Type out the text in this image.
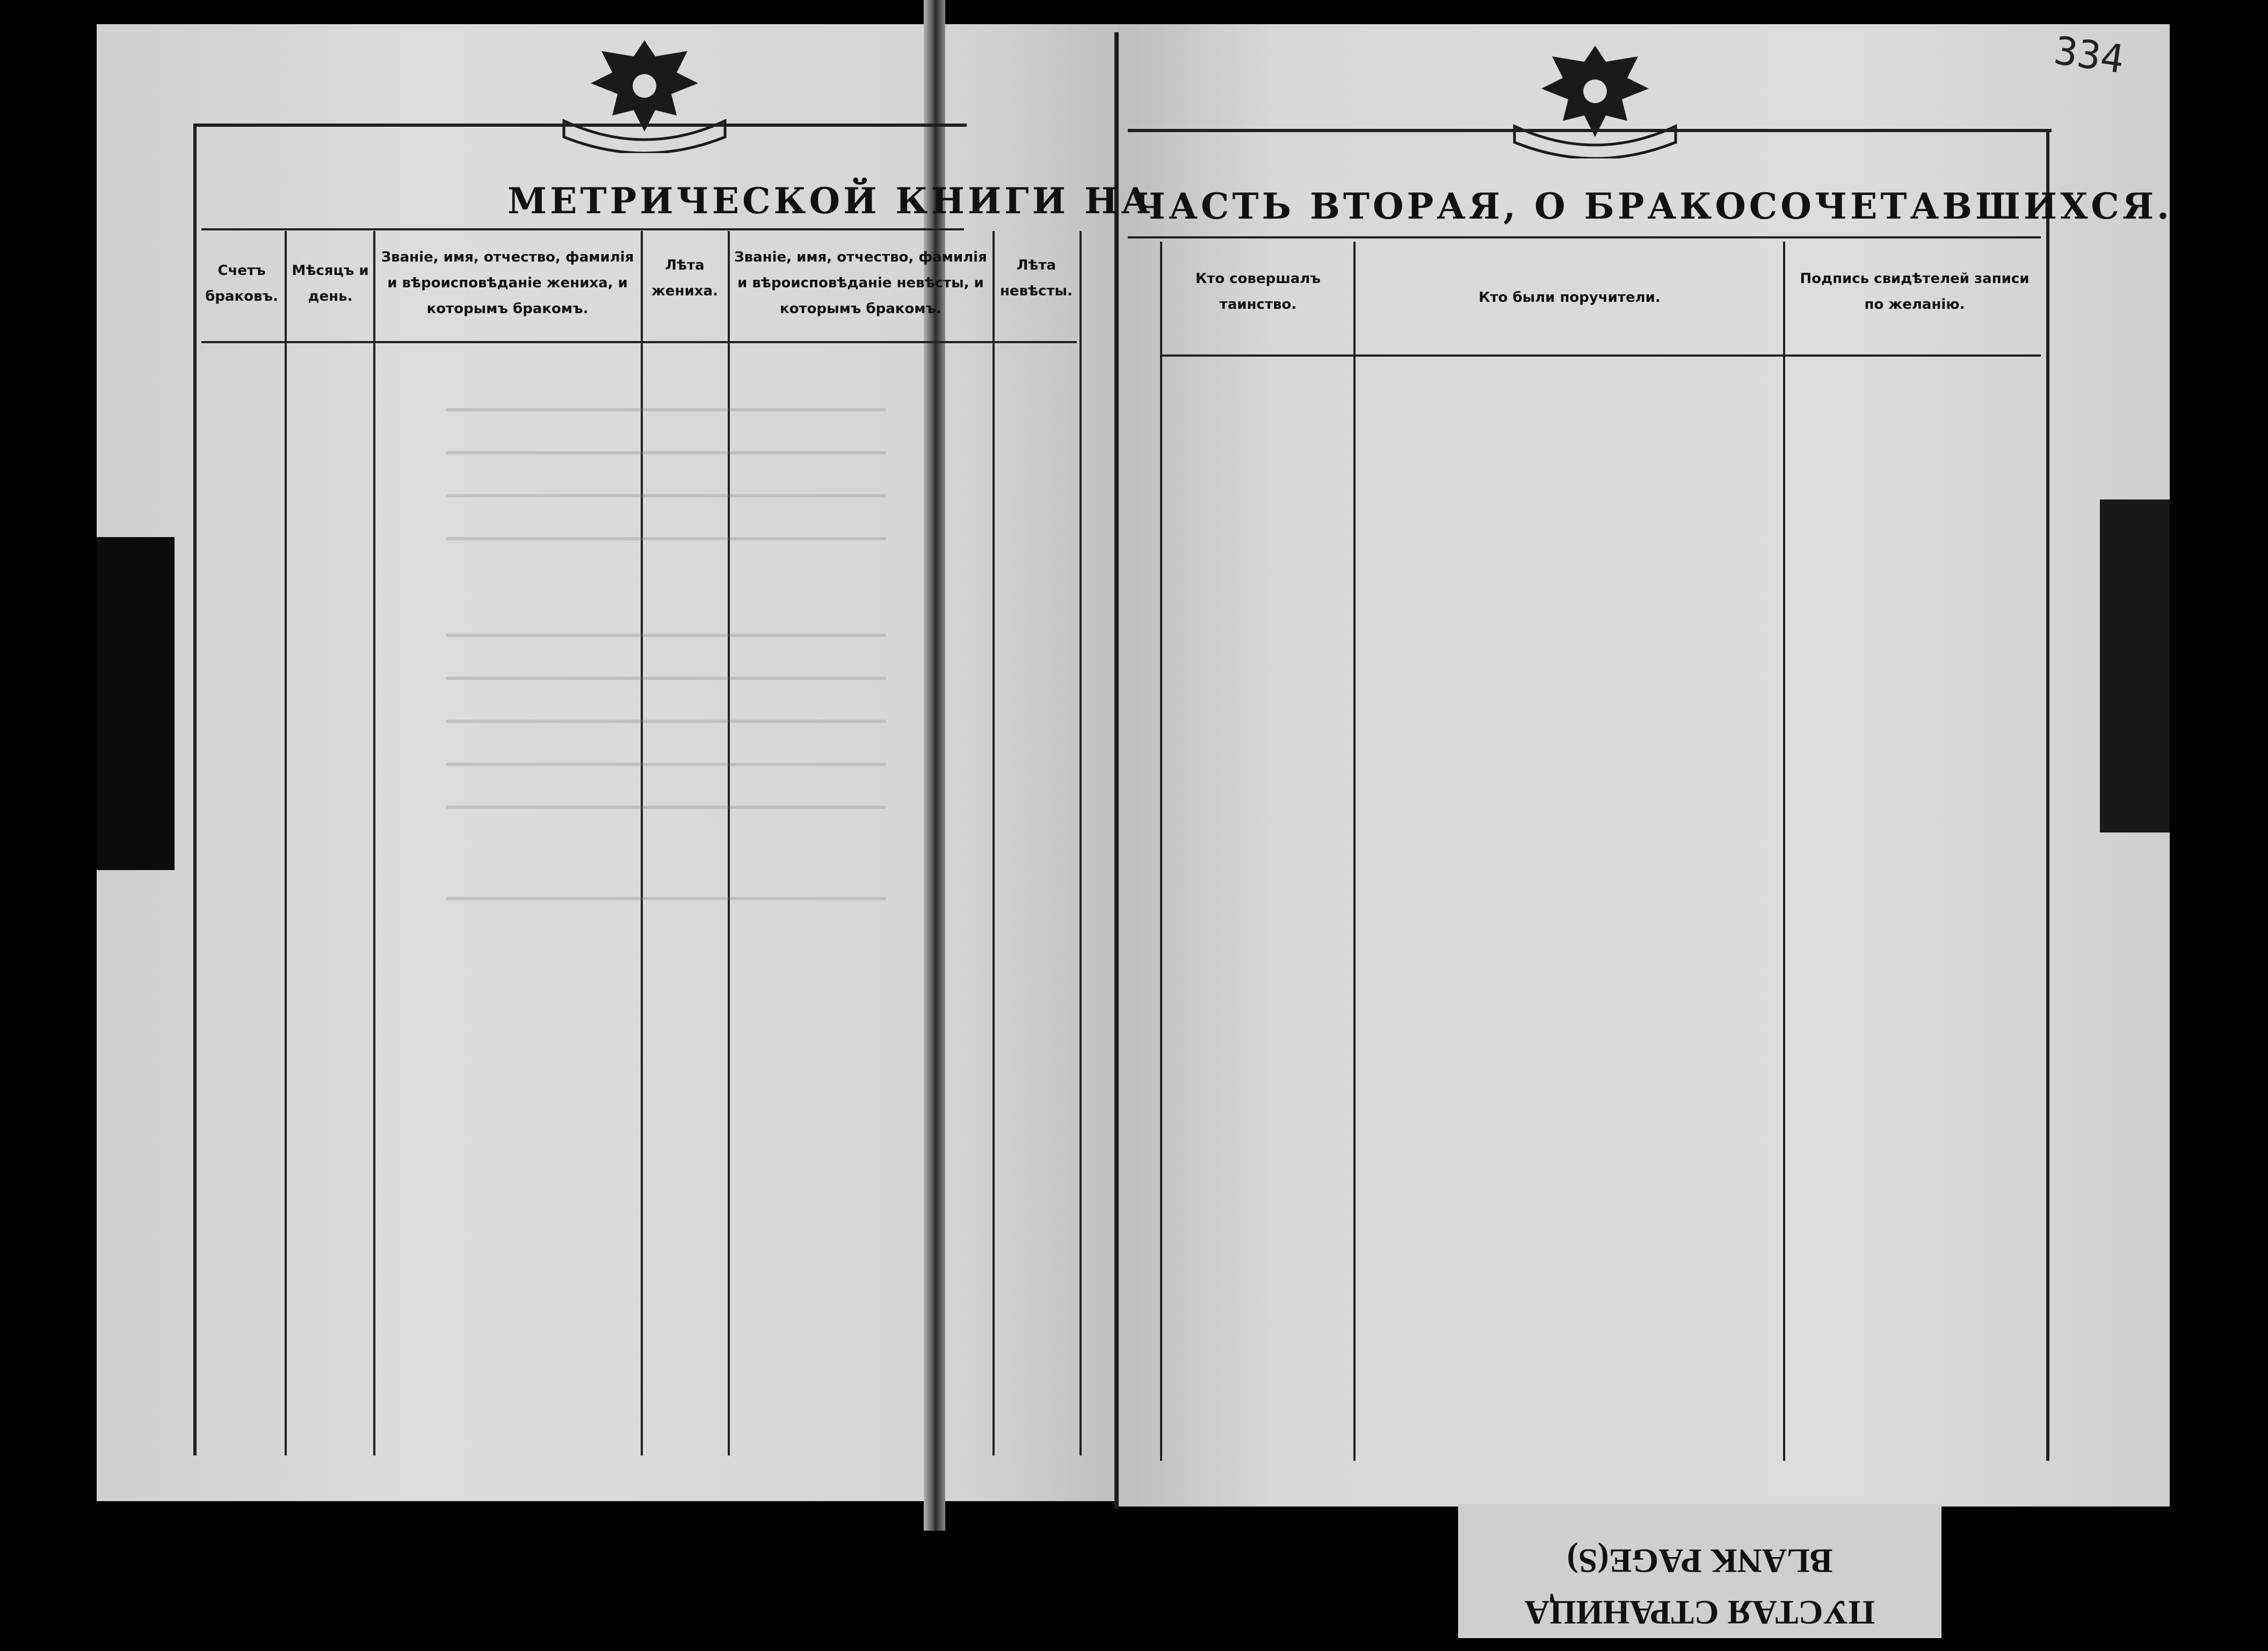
334
МЕТРИЧЕСКОЙ КНИГИ НА
ЧАСТЬ ВТОРАЯ, О БРАКОСОЧЕТАВШИХСЯ.
Счетъ браковъ.
Мѣсяцъ и день.
Званіе, имя, отчество, фамилія и вѣроисповѣданіе жениха, и которымъ бракомъ.
Лѣта жениха.
Званіе, имя, отчество, фамилія и вѣроисповѣданіе невѣсты, и которымъ бракомъ.
Лѣта невѣсты.
Кто совершалъ таинство.	Кто были поручители.
Подпись свидѣтелей записи по желанію.
ПУСТАЯ СТРАНИЦА
BLANK PAGE(S)
